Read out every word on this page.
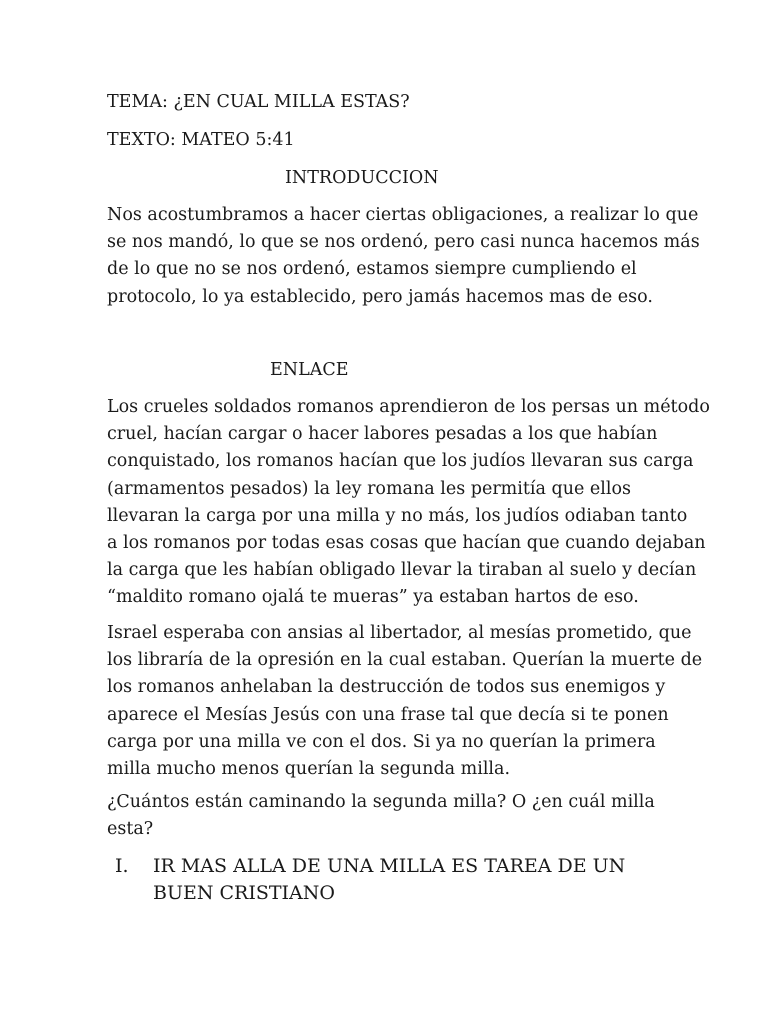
TEMA: ¿EN CUAL MILLA ESTAS?
TEXTO: MATEO 5:41
INTRODUCCION
Nos acostumbramos a hacer ciertas obligaciones, a realizar lo que
se nos mandó, lo que se nos ordenó, pero casi nunca hacemos más
de lo que no se nos ordenó, estamos siempre cumpliendo el
protocolo, lo ya establecido, pero jamás hacemos mas de eso.
ENLACE
Los crueles soldados romanos aprendieron de los persas un método
cruel, hacían cargar o hacer labores pesadas a los que habían
conquistado, los romanos hacían que los judíos llevaran sus carga
(armamentos pesados) la ley romana les permitía que ellos
llevaran la carga por una milla y no más, los judíos odiaban tanto
a los romanos por todas esas cosas que hacían que cuando dejaban
la carga que les habían obligado llevar la tiraban al suelo y decían
“maldito romano ojalá te mueras” ya estaban hartos de eso.
Israel esperaba con ansias al libertador, al mesías prometido, que
los libraría de la opresión en la cual estaban. Querían la muerte de
los romanos anhelaban la destrucción de todos sus enemigos y
aparece el Mesías Jesús con una frase tal que decía si te ponen
carga por una milla ve con el dos. Si ya no querían la primera
milla mucho menos querían la segunda milla.
¿Cuántos están caminando la segunda milla? O ¿en cuál milla
esta?
I. IR MAS ALLA DE UNA MILLA ES TAREA DE UN
BUEN CRISTIANO
